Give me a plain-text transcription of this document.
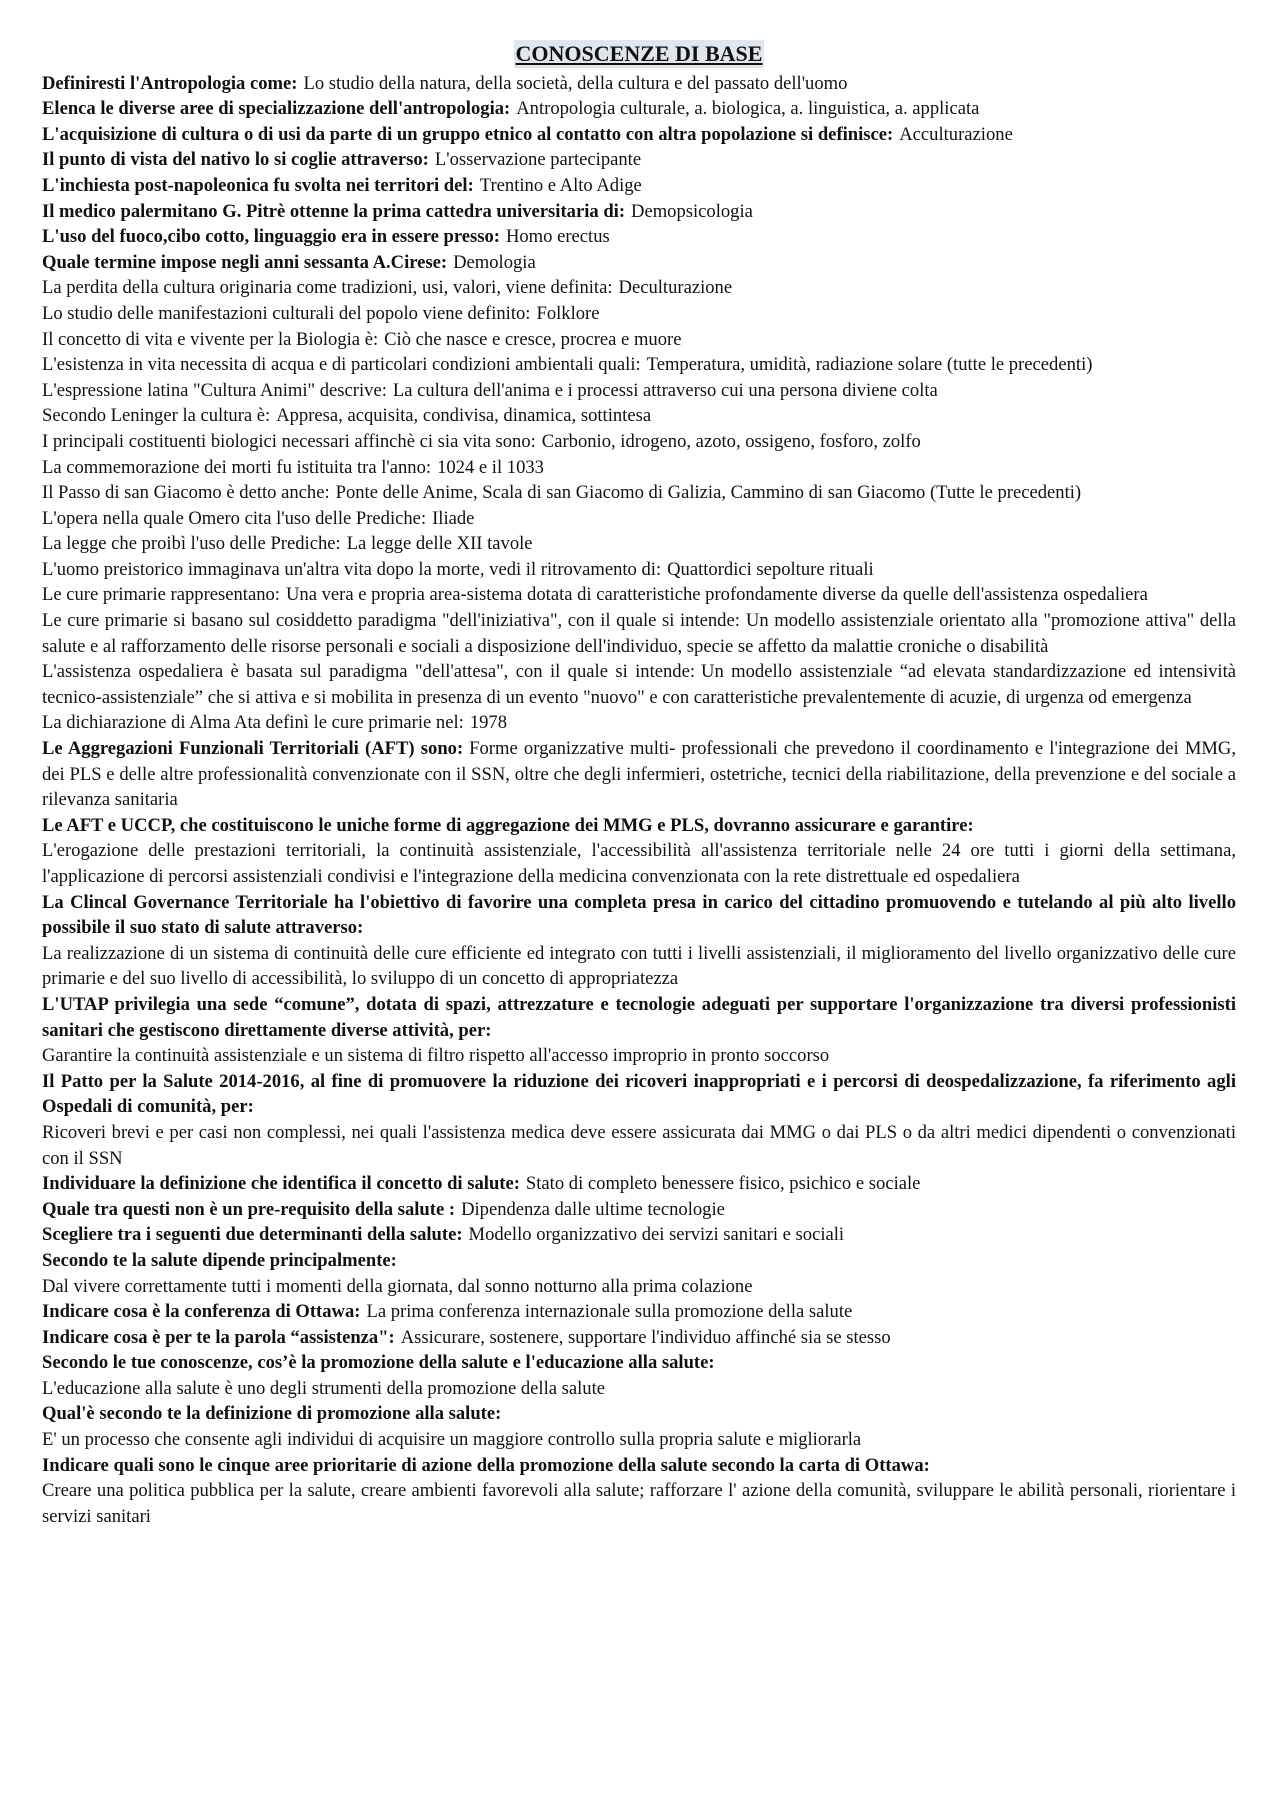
CONOSCENZE DI BASE

Definiresti l'Antropologia come: Lo studio della natura, della società, della cultura e del passato dell'uomo

Elenca le diverse aree di specializzazione dell'antropologia: Antropologia culturale, a. biologica, a. linguistica, a. applicata

L'acquisizione di cultura o di usi da parte di un gruppo etnico al contatto con altra popolazione si definisce: Acculturazione

Il punto di vista del nativo lo si coglie attraverso: L'osservazione partecipante

L'inchiesta post-napoleonica fu svolta nei territori del: Trentino e Alto Adige

Il medico palermitano G. Pitrè ottenne la prima cattedra universitaria di: Demopsicologia

L'uso del fuoco,cibo cotto, linguaggio era in essere presso: Homo erectus

Quale termine impose negli anni sessanta A.Cirese: Demologia

La perdita della cultura originaria come tradizioni, usi, valori, viene definita: Deculturazione

Lo studio delle manifestazioni culturali del popolo viene definito: Folklore

Il concetto di vita e vivente per la Biologia è: Ciò che nasce e cresce, procrea e muore

L'esistenza in vita necessita di acqua e di particolari condizioni ambientali quali: Temperatura, umidità, radiazione solare (tutte le precedenti)

L'espressione latina "Cultura Animi" descrive: La cultura dell'anima e i processi attraverso cui una persona diviene colta

Secondo Leninger la cultura è: Appresa, acquisita, condivisa, dinamica, sottintesa

I principali costituenti biologici necessari affinchè ci sia vita sono: Carbonio, idrogeno, azoto, ossigeno, fosforo, zolfo

La commemorazione dei morti fu istituita tra l'anno: 1024 e il 1033

Il Passo di san Giacomo è detto anche: Ponte delle Anime, Scala di san Giacomo di Galizia, Cammino di san Giacomo (Tutte le precedenti)

L'opera nella quale Omero cita l'uso delle Prediche: Iliade

La legge che proibì l'uso delle Prediche: La legge delle XII tavole

L'uomo preistorico immaginava un'altra vita dopo la morte, vedi il ritrovamento di: Quattordici sepolture rituali

Le cure primarie rappresentano: Una vera e propria area-sistema dotata di caratteristiche profondamente diverse da quelle dell'assistenza ospedaliera

Le cure primarie si basano sul cosiddetto paradigma "dell'iniziativa", con il quale si intende: Un modello assistenziale orientato alla "promozione attiva" della salute e al rafforzamento delle risorse personali e sociali a disposizione dell'individuo, specie se affetto da malattie croniche o disabilità

L'assistenza ospedaliera è basata sul paradigma "dell'attesa", con il quale si intende: Un modello assistenziale “ad elevata standardizzazione ed intensività tecnico-assistenziale” che si attiva e si mobilita in presenza di un evento "nuovo" e con caratteristiche prevalentemente di acuzie, di urgenza od emergenza

La dichiarazione di Alma Ata definì le cure primarie nel: 1978

Le Aggregazioni Funzionali Territoriali (AFT) sono: Forme organizzative multi- professionali che prevedono il coordinamento e l'integrazione dei MMG, dei PLS e delle altre professionalità convenzionate con il SSN, oltre che degli infermieri, ostetriche, tecnici della riabilitazione, della prevenzione e del sociale a rilevanza sanitaria

Le AFT e UCCP, che costituiscono le uniche forme di aggregazione dei MMG e PLS, dovranno assicurare e garantire:
L'erogazione delle prestazioni territoriali, la continuità assistenziale, l'accessibilità all'assistenza territoriale nelle 24 ore tutti i giorni della settimana, l'applicazione di percorsi assistenziali condivisi e l'integrazione della medicina convenzionata con la rete distrettuale ed ospedaliera

La Clincal Governance Territoriale ha l'obiettivo di favorire una completa presa in carico del cittadino promuovendo e tutelando al più alto livello possibile il suo stato di salute attraverso:
La realizzazione di un sistema di continuità delle cure efficiente ed integrato con tutti i livelli assistenziali, il miglioramento del livello organizzativo delle cure primarie e del suo livello di accessibilità, lo sviluppo di un concetto di appropriatezza

L'UTAP privilegia una sede “comune”, dotata di spazi, attrezzature e tecnologie adeguati per supportare l'organizzazione tra diversi professionisti sanitari che gestiscono direttamente diverse attività, per:
Garantire la continuità assistenziale e un sistema di filtro rispetto all'accesso improprio in pronto soccorso

Il Patto per la Salute 2014-2016, al fine di promuovere la riduzione dei ricoveri inappropriati e i percorsi di deospedalizzazione, fa riferimento agli Ospedali di comunità, per:
Ricoveri brevi e per casi non complessi, nei quali l'assistenza medica deve essere assicurata dai MMG o dai PLS o da altri medici dipendenti o convenzionati con il SSN

Individuare la definizione che identifica il concetto di salute: Stato di completo benessere fisico, psichico e sociale

Quale tra questi non è un pre-requisito della salute : Dipendenza dalle ultime tecnologie

Scegliere tra i seguenti due determinanti della salute: Modello organizzativo dei servizi sanitari e sociali

Secondo te la salute dipende principalmente:
Dal vivere correttamente tutti i momenti della giornata, dal sonno notturno alla prima colazione

Indicare cosa è la conferenza di Ottawa: La prima conferenza internazionale sulla promozione della salute

Indicare cosa è per te la parola “assistenza": Assicurare, sostenere, supportare l'individuo affinché sia se stesso

Secondo le tue conoscenze, cos’è la promozione della salute e l'educazione alla salute:
L'educazione alla salute è uno degli strumenti della promozione della salute

Qual'è secondo te la definizione di promozione alla salute:
E' un processo che consente agli individui di acquisire un maggiore controllo sulla propria salute e migliorarla

Indicare quali sono le cinque aree prioritarie di azione della promozione della salute secondo la carta di Ottawa:
Creare una politica pubblica per la salute, creare ambienti favorevoli alla salute; rafforzare l' azione della comunità, sviluppare le abilità personali, riorientare i servizi sanitari
